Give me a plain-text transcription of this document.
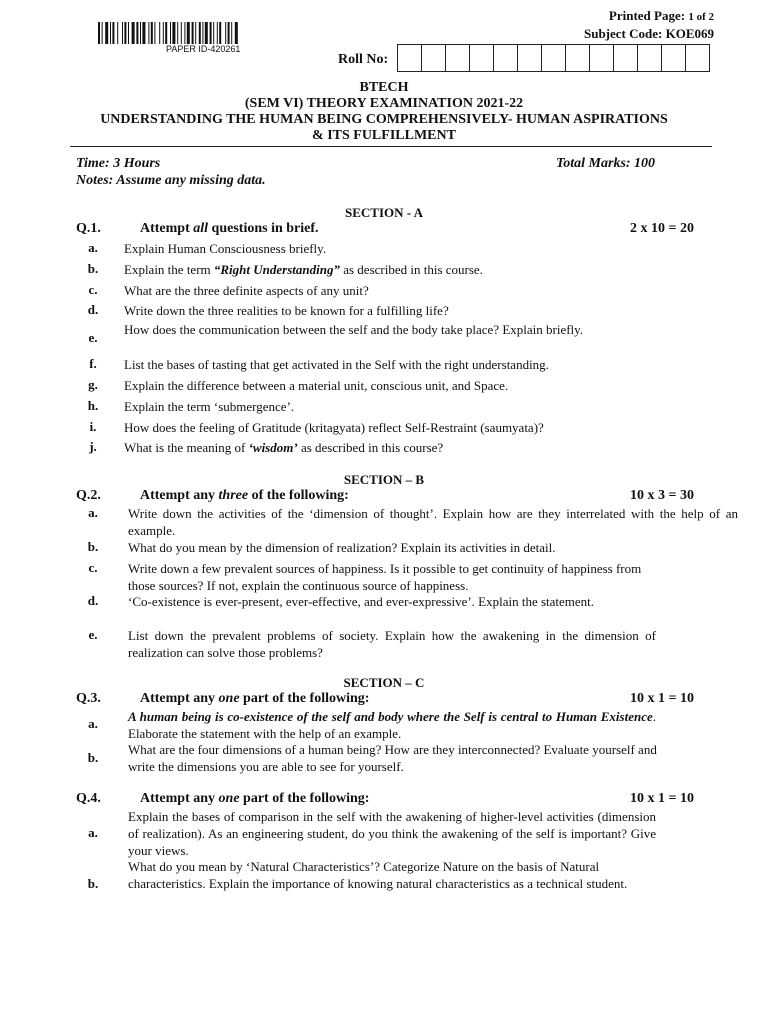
PAPER ID-420261
Printed Page: 1 of 2
Subject Code: KOE069
Roll No:
BTECH
(SEM VI) THEORY EXAMINATION 2021-22
UNDERSTANDING THE HUMAN BEING COMPREHENSIVELY- HUMAN ASPIRATIONS
& ITS FULFILLMENT
Time: 3 Hours	Total Marks: 100
Notes: Assume any missing data.
SECTION - A
Q.1.	Attempt all questions in brief.	2 x 10 = 20
a. Explain Human Consciousness briefly.
b. Explain the term “Right Understanding” as described in this course.
c. What are the three definite aspects of any unit?
d. Write down the three realities to be known for a fulfilling life?
e.
How does the communication between the self and the body take place? Explain briefly.
f. List the bases of tasting that get activated in the Self with the right understanding.
g. Explain the difference between a material unit, conscious unit, and Space.
h. Explain the term ‘submergence’.
i. How does the feeling of Gratitude (kritagyata) reflect Self-Restraint (saumyata)?
j. What is the meaning of ‘wisdom’ as described in this course?
SECTION – B
Q.2.	Attempt any three of the following:	10 x 3 = 30
a. Write down the activities of the ‘dimension of thought’. Explain how are they interrelated with the help of an example.
b. What do you mean by the dimension of realization? Explain its activities in detail.
c. Write down a few prevalent sources of happiness. Is it possible to get continuity of happiness from those sources? If not, explain the continuous source of happiness.
d. ‘Co-existence is ever-present, ever-effective, and ever-expressive’. Explain the statement.
e. List down the prevalent problems of society. Explain how the awakening in the dimension of realization can solve those problems?
SECTION – C
Q.3.	Attempt any one part of the following:	10 x 1 = 10
a. A human being is co-existence of the self and body where the Self is central to Human Existence. Elaborate the statement with the help of an example.
b.
What are the four dimensions of a human being? How are they interconnected? Evaluate yourself and write the dimensions you are able to see for yourself.
Q.4.	Attempt any one part of the following:	10 x 1 = 10
a.
Explain the bases of comparison in the self with the awakening of higher-level activities (dimension of realization). As an engineering student, do you think the awakening of the self is important? Give your views.
b.
What do you mean by ‘Natural Characteristics’? Categorize Nature on the basis of Natural characteristics. Explain the importance of knowing natural characteristics as a technical student.
